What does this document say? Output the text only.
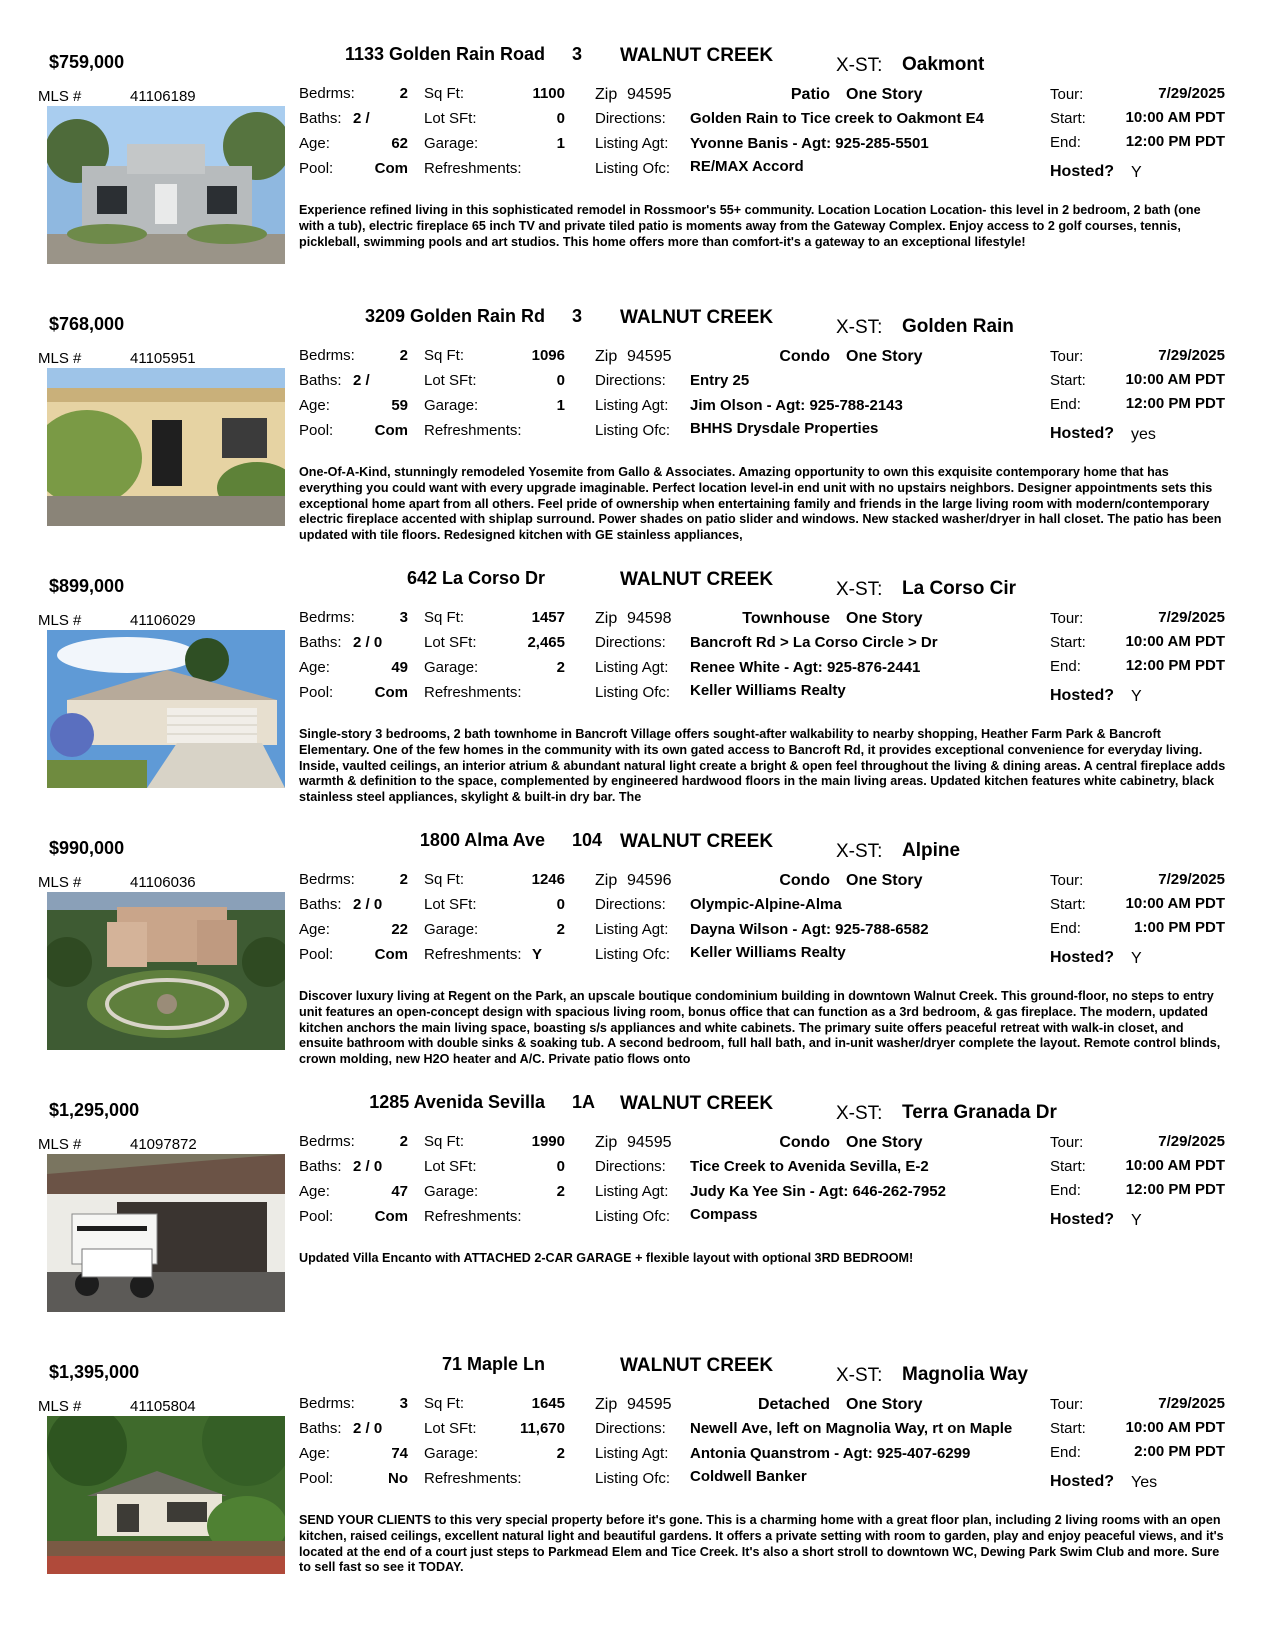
$759,000	1133 Golden Rain Road 3 WALNUT CREEK	X-ST: Oakmont
MLS #	41106189	Bedrms:	2
Baths: 2 /
Age:	62
Pool:	Com
Sq Ft:	1100
Lot SFt:	0
Garage:	1
Refreshments:
Zip 94595	Patio One Story
Directions: Golden Rain to Tice creek to Oakmont E4
Listing Agt: Yvonne Banis - Agt: 925-285-5501
Listing Ofc: RE/MAX Accord
Tour:	7/29/2025
Start:	10:00 AM PDT
End:	12:00 PM PDT
Hosted? Y
Experience refined living in this sophisticated remodel in Rossmoor's 55+ community. Location Location Location- this level in 2 bedroom, 2 bath (one with a tub), electric fireplace 65 inch TV and private tiled patio is moments away from the Gateway Complex. Enjoy access to 2 golf courses, tennis, pickleball, swimming pools and art studios. This home offers more than comfort-it's a gateway to an exceptional lifestyle!
$768,000	3209 Golden Rain Rd 3 WALNUT CREEK	X-ST: Golden Rain
MLS #	41105951	Bedrms:	2
Baths: 2 /
Age:	59
Pool:	Com
Sq Ft:	1096
Lot SFt:	0
Garage:	1
Refreshments:
Zip 94595	Condo One Story
Directions: Entry 25
Listing Agt: Jim Olson - Agt: 925-788-2143
Listing Ofc: BHHS Drysdale Properties
Tour:	7/29/2025
Start:	10:00 AM PDT
End:	12:00 PM PDT
Hosted? yes
One-Of-A-Kind, stunningly remodeled Yosemite from Gallo & Associates. Amazing opportunity to own this exquisite contemporary home that has everything you could want with every upgrade imaginable. Perfect location level-in end unit with no upstairs neighbors. Designer appointments sets this exceptional home apart from all others. Feel pride of ownership when entertaining family and friends in the large living room with modern/contemporary electric fireplace accented with shiplap surround. Power shades on patio slider and windows. New stacked washer/dryer in hall closet. The patio has been updated with tile floors. Redesigned kitchen with GE stainless appliances,
$899,000	642 La Corso Dr	WALNUT CREEK	X-ST: La Corso Cir
MLS #	41106029	Bedrms:	3
Baths: 2 / 0
Age:	49
Pool:	Com
Sq Ft:	1457
Lot SFt:	2,465
Garage:	2
Refreshments:
Zip 94598	Townhouse One Story
Directions: Bancroft Rd > La Corso Circle > Dr
Listing Agt: Renee White - Agt: 925-876-2441
Listing Ofc: Keller Williams Realty
Tour:	7/29/2025
Start:	10:00 AM PDT
End:	12:00 PM PDT
Hosted? Y
Single-story 3 bedrooms, 2 bath townhome in Bancroft Village offers sought-after walkability to nearby shopping, Heather Farm Park & Bancroft Elementary. One of the few homes in the community with its own gated access to Bancroft Rd, it provides exceptional convenience for everyday living. Inside, vaulted ceilings, an interior atrium & abundant natural light create a bright & open feel throughout the living & dining areas. A central fireplace adds warmth & definition to the space, complemented by engineered hardwood floors in the main living areas. Updated kitchen features white cabinetry, black stainless steel appliances, skylight & built-in dry bar. The
$990,000	1800 Alma Ave 104 WALNUT CREEK	X-ST: Alpine
MLS #	41106036	Bedrms:	2
Baths: 2 / 0
Age:	22
Pool:	Com
Sq Ft:	1246
Lot SFt:	0
Garage:	2
Refreshments: Y
Zip 94596	Condo One Story
Directions: Olympic-Alpine-Alma
Listing Agt: Dayna Wilson - Agt: 925-788-6582
Listing Ofc: Keller Williams Realty
Tour:	7/29/2025
Start:	10:00 AM PDT
End:	1:00 PM PDT
Hosted? Y
Discover luxury living at Regent on the Park, an upscale boutique condominium building in downtown Walnut Creek. This ground-floor, no steps to entry unit features an open-concept design with spacious living room, bonus office that can function as a 3rd bedroom, & gas fireplace. The modern, updated kitchen anchors the main living space, boasting s/s appliances and white cabinets. The primary suite offers peaceful retreat with walk-in closet, and ensuite bathroom with double sinks & soaking tub. A second bedroom, full hall bath, and in-unit washer/dryer complete the layout. Remote control blinds, crown molding, new H2O heater and A/C. Private patio flows onto
$1,295,000	1285 Avenida Sevilla 1A WALNUT CREEK	X-ST: Terra Granada Dr
MLS #	41097872	Bedrms:	2
Baths: 2 / 0
Age:	47
Pool:	Com
Sq Ft:	1990
Lot SFt:	0
Garage:	2
Refreshments:
Zip 94595	Condo One Story
Directions: Tice Creek to Avenida Sevilla, E-2
Listing Agt: Judy Ka Yee Sin - Agt: 646-262-7952
Listing Ofc: Compass
Tour:	7/29/2025
Start:	10:00 AM PDT
End:	12:00 PM PDT
Hosted? Y
Updated Villa Encanto with ATTACHED 2-CAR GARAGE + flexible layout with optional 3RD BEDROOM!
$1,395,000	71 Maple Ln	WALNUT CREEK	X-ST: Magnolia Way
MLS #	41105804	Bedrms:	3
Baths: 2 / 0
Age:	74
Pool:	No
Sq Ft:	1645
Lot SFt:	11,670
Garage:	2
Refreshments:
Zip 94595	Detached One Story
Directions: Newell Ave, left on Magnolia Way, rt on Maple
Listing Agt: Antonia Quanstrom - Agt: 925-407-6299
Listing Ofc: Coldwell Banker
Tour:	7/29/2025
Start:	10:00 AM PDT
End:	2:00 PM PDT
Hosted? Yes
SEND YOUR CLIENTS to this very special property before it's gone. This is a charming home with a great floor plan, including 2 living rooms with an open kitchen, raised ceilings, excellent natural light and beautiful gardens. It offers a private setting with room to garden, play and enjoy peaceful views, and it's located at the end of a court just steps to Parkmead Elem and Tice Creek. It's also a short stroll to downtown WC, Dewing Park Swim Club and more. Sure to sell fast so see it TODAY.
